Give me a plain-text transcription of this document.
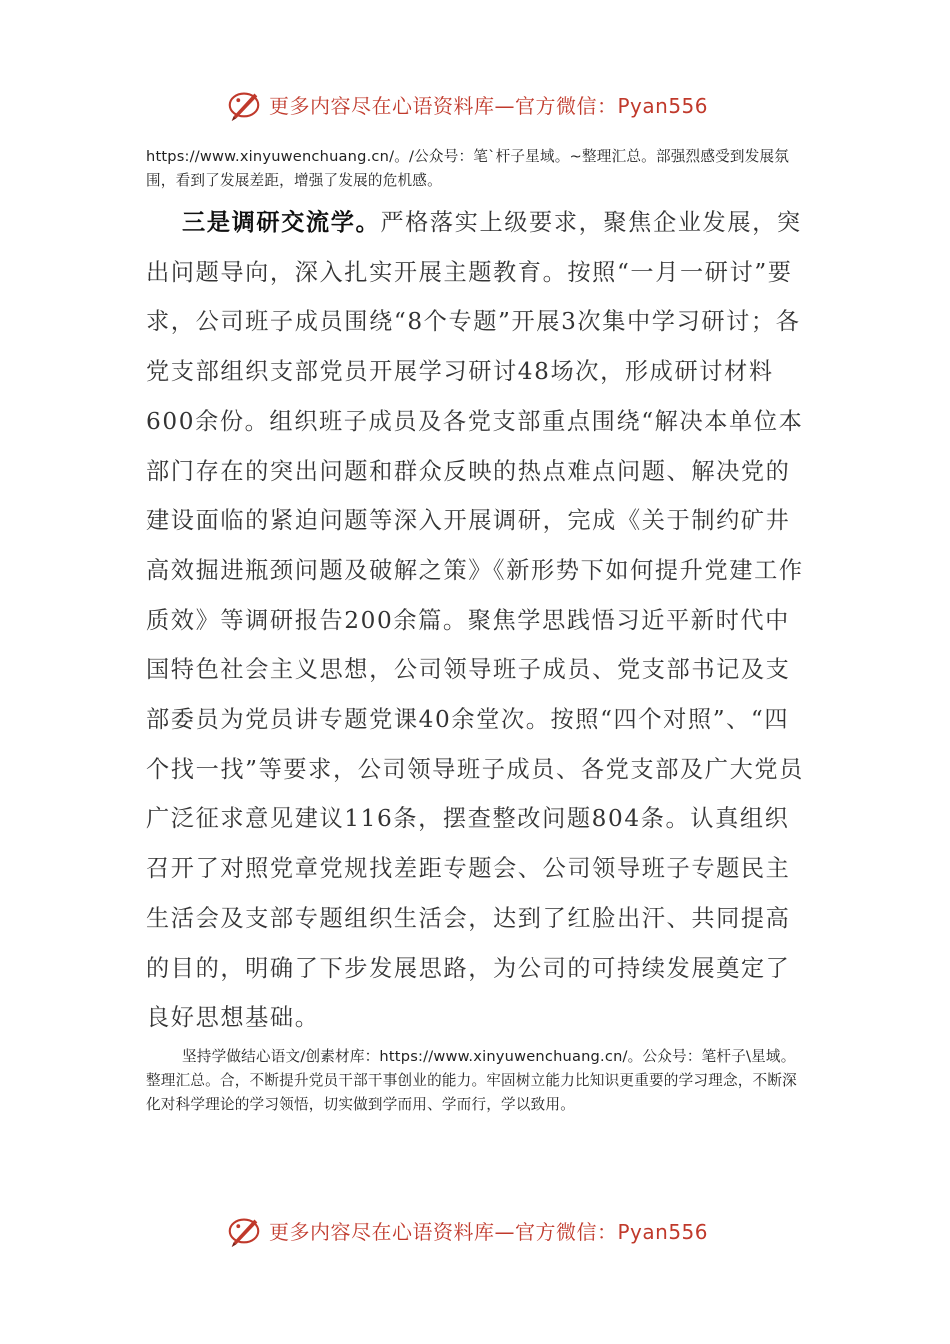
更多内容尽在心语资料库—官方微信：Pyan556
https://www.xinyuwenchuang.cn/。/公众号：笔`杆子星域。~整理汇总。部强烈感受到发展氛围，看到了发展差距，增强了发展的危机感。
三是调研交流学。严格落实上级要求，聚焦企业发展，突出问题导向，深入扎实开展主题教育。按照“一月一研讨”要求，公司班子成员围绕“8个专题”开展3次集中学习研讨；各党支部组织支部党员开展学习研讨48场次，形成研讨材料600余份。组织班子成员及各党支部重点围绕“解决本单位本部门存在的突出问题和群众反映的热点难点问题、解决党的建设面临的紧迫问题等深入开展调研，完成《关于制约矿井高效掘进瓶颈问题及破解之策》《新形势下如何提升党建工作质效》等调研报告200余篇。聚焦学思践悟习近平新时代中国特色社会主义思想，公司领导班子成员、党支部书记及支部委员为党员讲专题党课40余堂次。按照“四个对照”、“四个找一找”等要求，公司领导班子成员、各党支部及广大党员广泛征求意见建议116条，摆查整改问题804条。认真组织召开了对照党章党规找差距专题会、公司领导班子专题民主生活会及支部专题组织生活会，达到了红脸出汗、共同提高的目的，明确了下步发展思路，为公司的可持续发展奠定了良好思想基础。
坚持学做结心语文/创素材库：https://www.xinyuwenchuang.cn/。公众号：笔杆子\星域。整理汇总。合，不断提升党员干部干事创业的能力。牢固树立能力比知识更重要的学习理念，不断深化对科学理论的学习领悟，切实做到学而用、学而行，学以致用。
更多内容尽在心语资料库—官方微信：Pyan556
